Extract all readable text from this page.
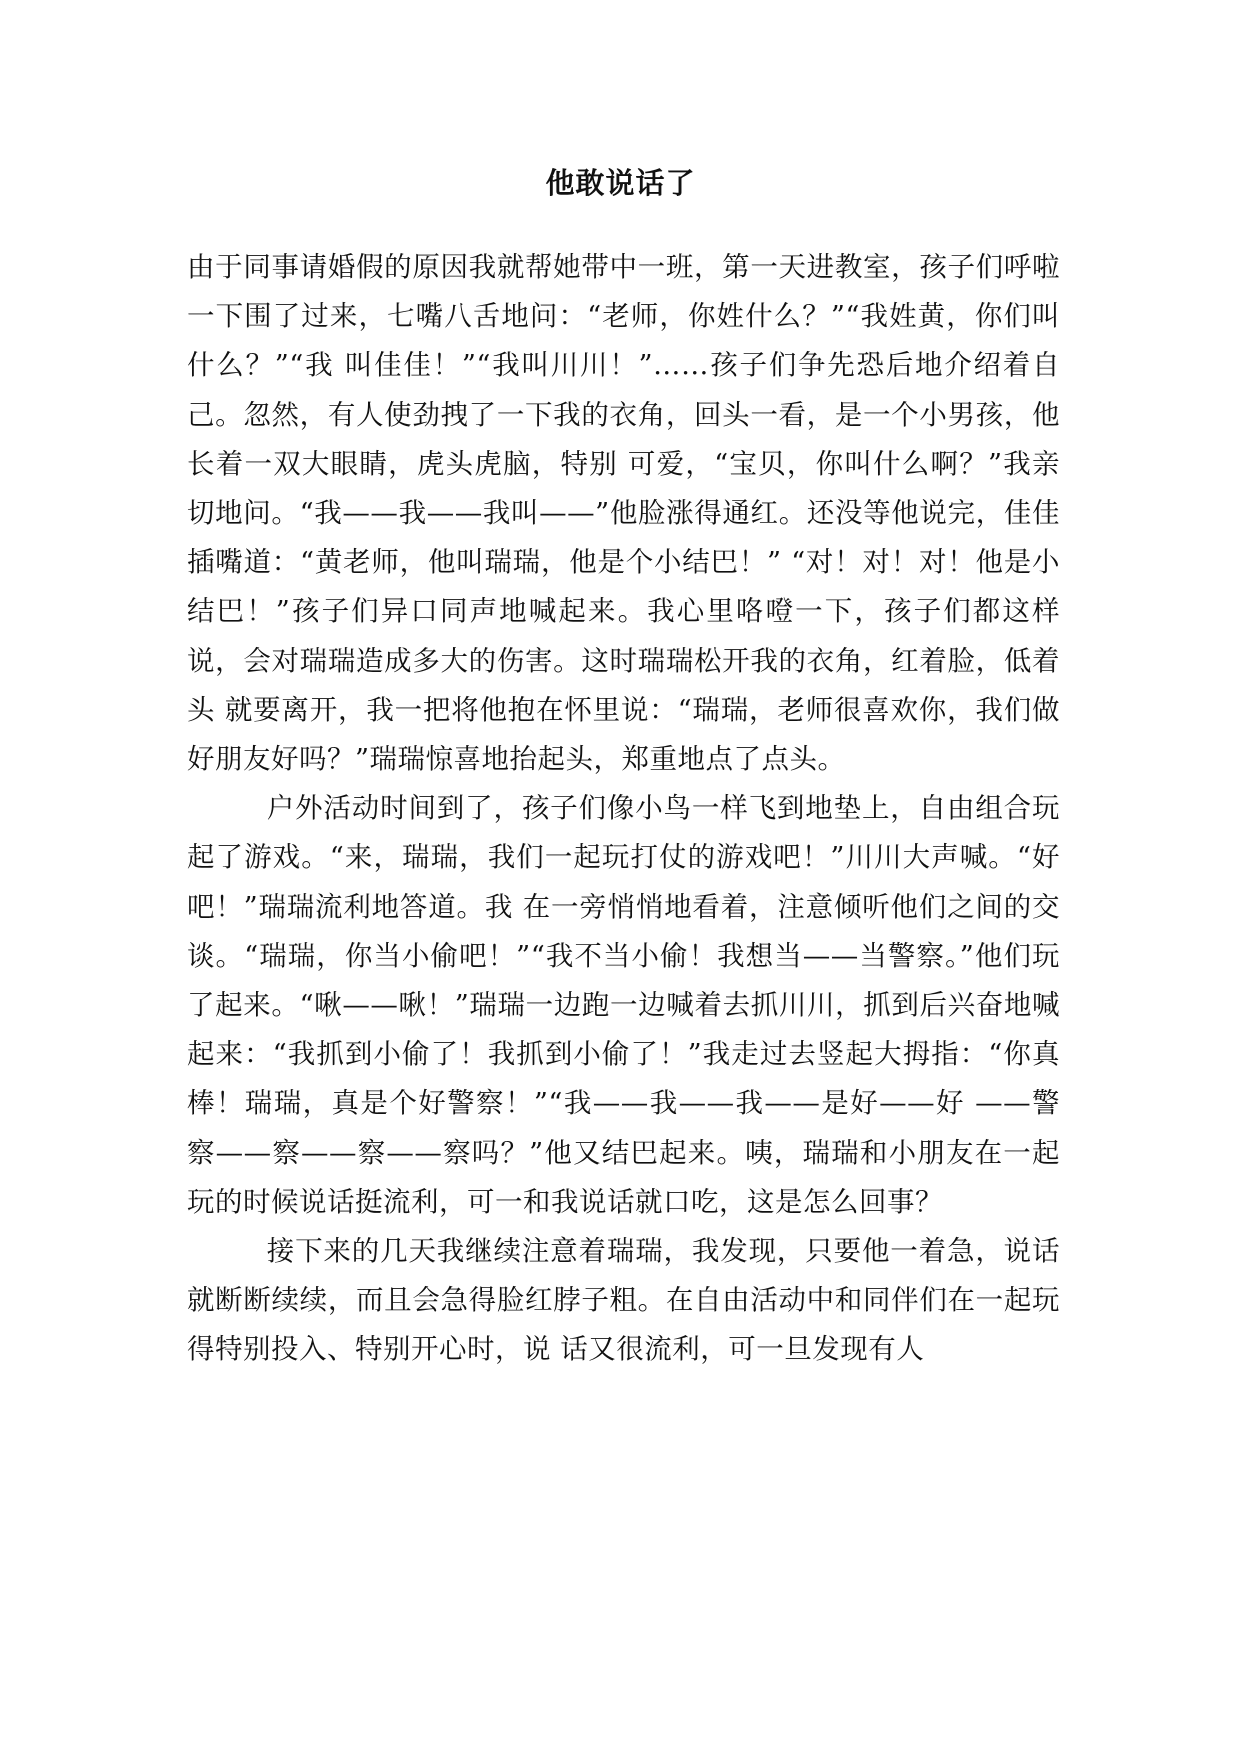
他敢说话了

由于同事请婚假的原因我就帮她带中一班，第一天进教室，孩子们呼啦一下围了过来，七嘴八舌地问：“老师，你姓什么？”“我姓黄，你们叫什么？”“我 叫佳佳！”“我叫川川！”……孩子们争先恐后地介绍着自己。忽然，有人使劲拽了一下我的衣角，回头一看，是一个小男孩，他长着一双大眼睛，虎头虎脑，特别 可爱，“宝贝，你叫什么啊？”我亲切地问。“我——我——我叫——”他脸涨得通红。还没等他说完，佳佳插嘴道：“黄老师，他叫瑞瑞，他是个小结巴！” “对！对！对！他是小结巴！”孩子们异口同声地喊起来。我心里咯噔一下，孩子们都这样说，会对瑞瑞造成多大的伤害。这时瑞瑞松开我的衣角，红着脸，低着头 就要离开，我一把将他抱在怀里说：“瑞瑞，老师很喜欢你，我们做好朋友好吗？”瑞瑞惊喜地抬起头，郑重地点了点头。

户外活动时间到了，孩子们像小鸟一样飞到地垫上，自由组合玩起了游戏。“来，瑞瑞，我们一起玩打仗的游戏吧！”川川大声喊。“好吧！”瑞瑞流利地答道。我 在一旁悄悄地看着，注意倾听他们之间的交谈。“瑞瑞，你当小偷吧！”“我不当小偷！我想当——当警察。”他们玩了起来。“啾——啾！”瑞瑞一边跑一边喊着去抓川川，抓到后兴奋地喊起来：“我抓到小偷了！我抓到小偷了！”我走过去竖起大拇指：“你真棒！瑞瑞，真是个好警察！”“我——我——我——是好——好 ——警察——察——察——察吗？”他又结巴起来。咦，瑞瑞和小朋友在一起玩的时候说话挺流利，可一和我说话就口吃，这是怎么回事？

接下来的几天我继续注意着瑞瑞，我发现，只要他一着急，说话就断断续续，而且会急得脸红脖子粗。在自由活动中和同伴们在一起玩得特别投入、特别开心时，说 话又很流利，可一旦发现有人
